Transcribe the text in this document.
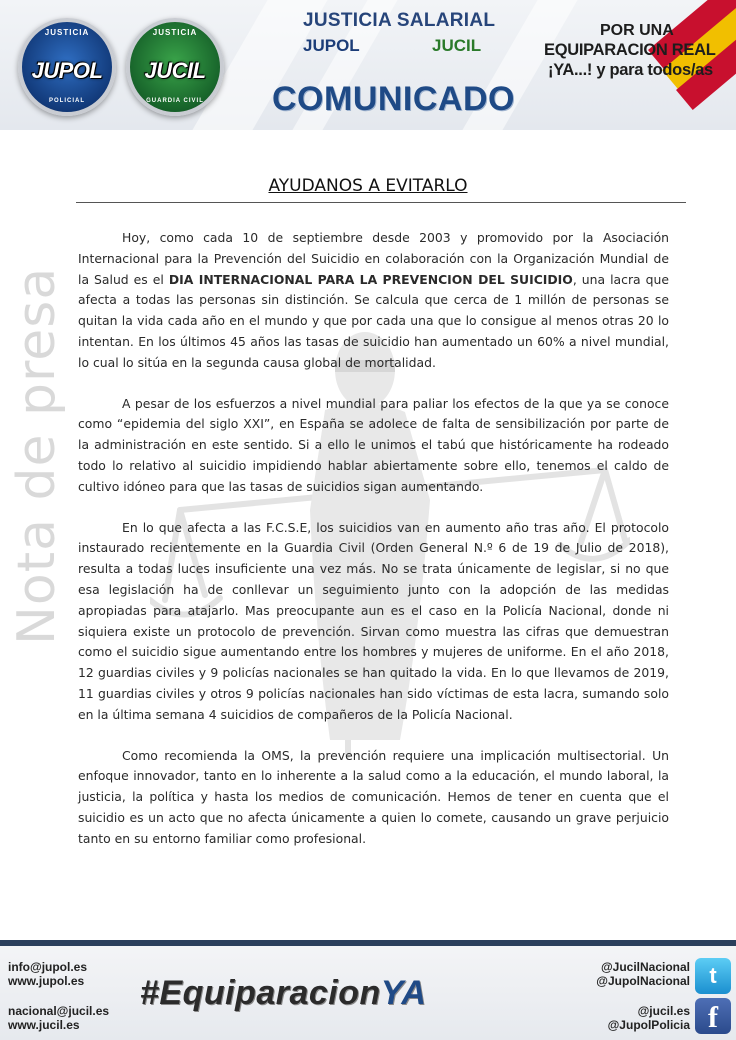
JUSTICIA
JUPOL
POLICIAL
JUSTICIA
JUCIL
GUARDIA CIVIL
JUSTICIA SALARIAL
JUPOL	JUCIL
COMUNICADO
POR UNA
EQUIPARACION REAL
¡YA...! y para todos/as
Nota de presa
AYUDANOS A EVITARLO

Hoy, como cada 10 de septiembre desde 2003 y promovido por la Asociación Internacional para la Prevención del Suicidio en colaboración con la Organización Mundial de la Salud es el DIA INTERNACIONAL PARA LA PREVENCION DEL SUICIDIO, una lacra que afecta a todas las personas sin distinción. Se calcula que cerca de 1 millón de personas se quitan la vida cada año en el mundo y que por cada una que lo consigue al menos otras 20 lo intentan. En los últimos 45 años las tasas de suicidio han aumentado un 60% a nivel mundial, lo cual lo sitúa en la segunda causa global de mortalidad.

A pesar de los esfuerzos a nivel mundial para paliar los efectos de la que ya se conoce como “epidemia del siglo XXI”, en España se adolece de falta de sensibilización por parte de la administración en este sentido. Si a ello le unimos el tabú que históricamente ha rodeado todo lo relativo al suicidio impidiendo hablar abiertamente sobre ello, tenemos el caldo de cultivo idóneo para que las tasas de suicidios sigan aumentando.

En lo que afecta a las F.C.S.E, los suicidios van en aumento año tras año. El protocolo instaurado recientemente en la Guardia Civil (Orden General N.º 6 de 19 de Julio de 2018), resulta a todas luces insuficiente una vez más. No se trata únicamente de legislar, si no que esa legislación ha de conllevar un seguimiento junto con la adopción de las medidas apropiadas para atajarlo. Mas preocupante aun es el caso en la Policía Nacional, donde ni siquiera existe un protocolo de prevención. Sirvan como muestra las cifras que demuestran como el suicidio sigue aumentando entre los hombres y mujeres de uniforme. En el año 2018, 12 guardias civiles y 9 policías nacionales se han quitado la vida. En lo que llevamos de 2019, 11 guardias civiles y otros 9 policías nacionales han sido víctimas de esta lacra, sumando solo en la última semana 4 suicidios de compañeros de la Policía Nacional.

Como recomienda la OMS, la prevención requiere una implicación multisectorial. Un enfoque innovador, tanto en lo inherente a la salud como a la educación, el mundo laboral, la justicia, la política y hasta los medios de comunicación. Hemos de tener en cuenta que el suicidio es un acto que no afecta únicamente a quien lo comete, causando un grave perjuicio tanto en su entorno familiar como profesional.

info@jupol.es
www.jupol.es
nacional@jucil.es
www.jucil.es
#EquiparacionYA
@JucilNacional
@JupolNacional t
@jucil.es
@JupolPolicia f
